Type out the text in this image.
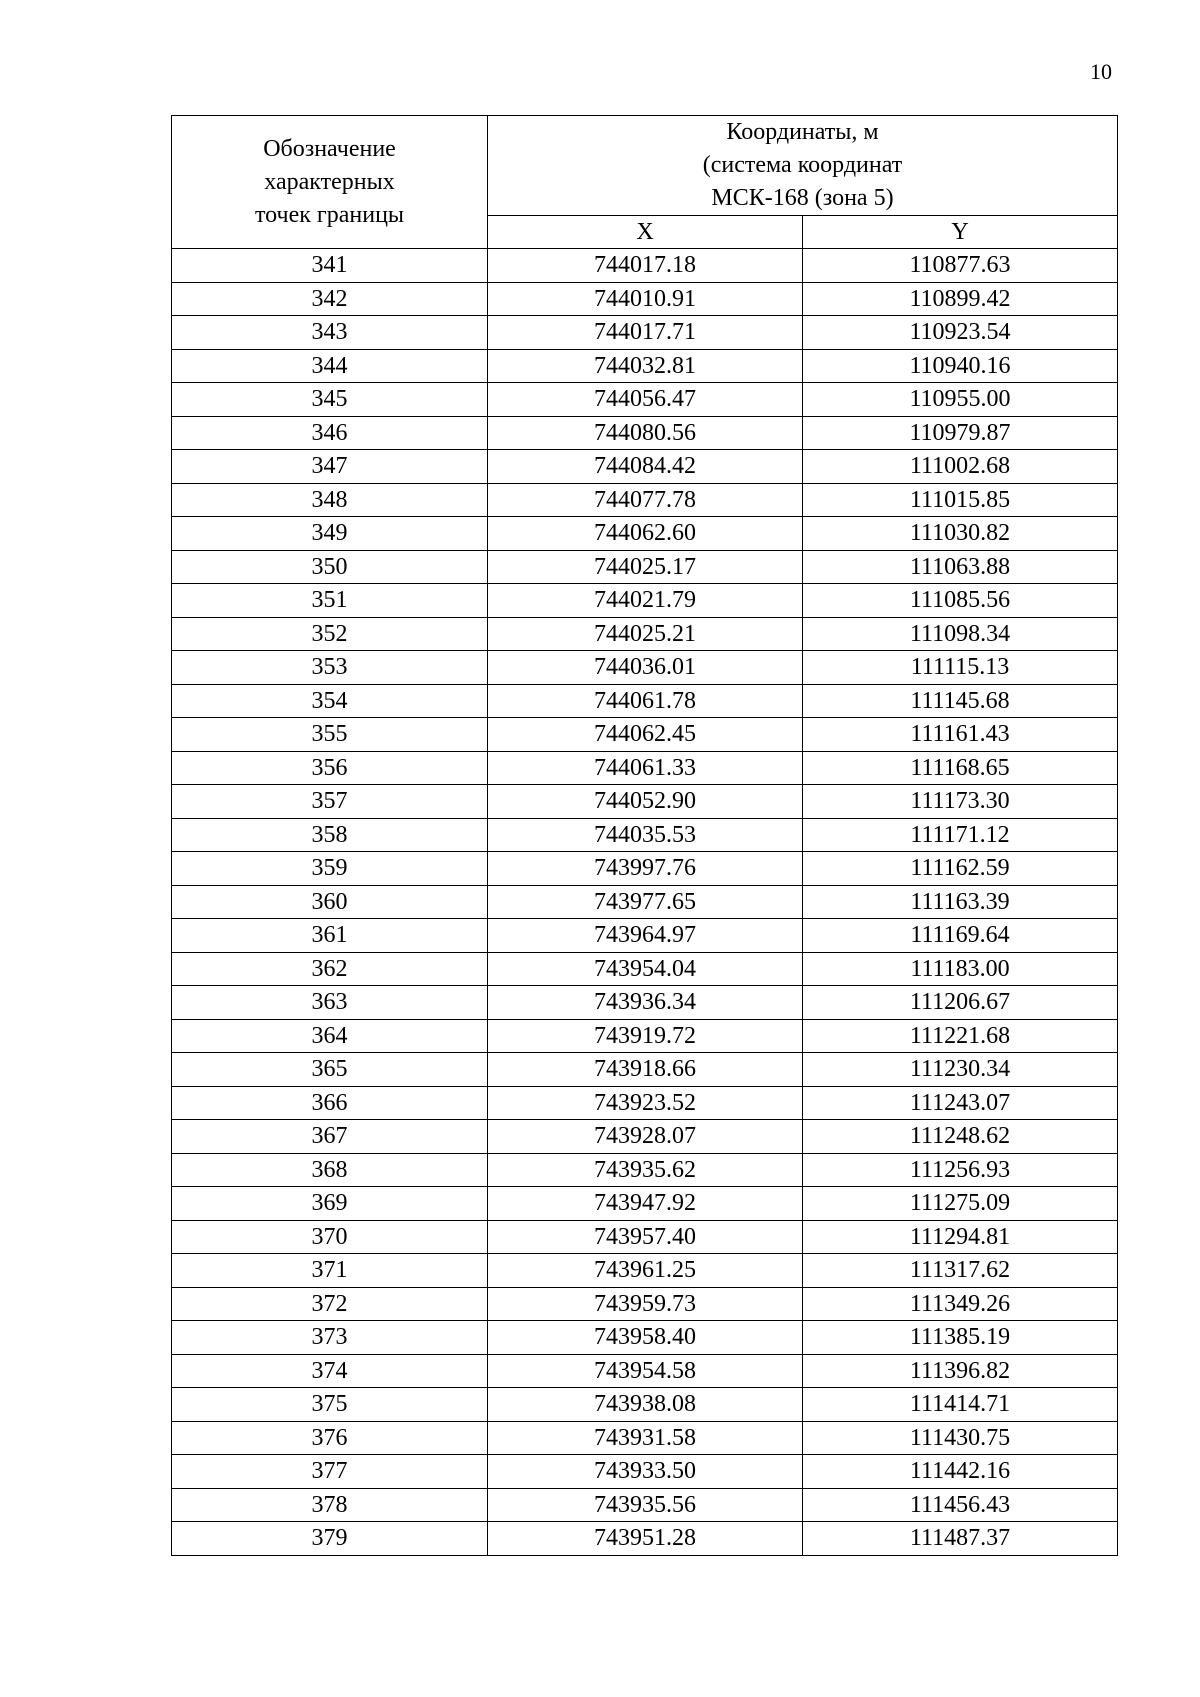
10
Обозначение
характерных
точек границы	Координаты, м
(система координат
МСК-168 (зона 5)	

	X	Y
341	744017.18	110877.63
342	744010.91	110899.42
343	744017.71	110923.54
344	744032.81	110940.16
345	744056.47	110955.00
346	744080.56	110979.87
347	744084.42	111002.68
348	744077.78	111015.85
349	744062.60	111030.82
350	744025.17	111063.88
351	744021.79	111085.56
352	744025.21	111098.34
353	744036.01	111115.13
354	744061.78	111145.68
355	744062.45	111161.43
356	744061.33	111168.65
357	744052.90	111173.30
358	744035.53	111171.12
359	743997.76	111162.59
360	743977.65	111163.39
361	743964.97	111169.64
362	743954.04	111183.00
363	743936.34	111206.67
364	743919.72	111221.68
365	743918.66	111230.34
366	743923.52	111243.07
367	743928.07	111248.62
368	743935.62	111256.93
369	743947.92	111275.09
370	743957.40	111294.81
371	743961.25	111317.62
372	743959.73	111349.26
373	743958.40	111385.19
374	743954.58	111396.82
375	743938.08	111414.71
376	743931.58	111430.75
377	743933.50	111442.16
378	743935.56	111456.43
379	743951.28	111487.37
